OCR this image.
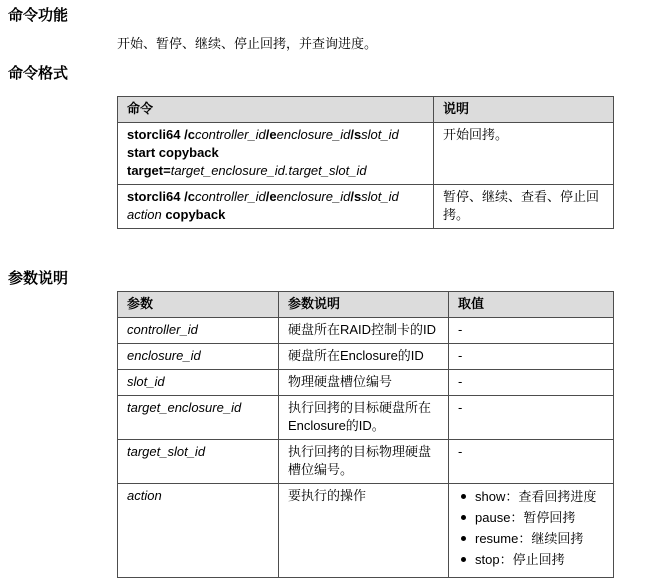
命令功能
开始、暂停、继续、停止回拷，并查询进度。
命令格式
命令	说明
storcli64 /ccontroller_id/eenclosure_id/sslot_id
start copyback
target=target_enclosure_id.target_slot_id	开始回拷。
storcli64 /ccontroller_id/eenclosure_id/sslot_id
action copyback	暂停、继续、查看、停止回拷。
参数说明
参数	参数说明	取值
controller_id	硬盘所在RAID控制卡的ID	-
enclosure_id	硬盘所在Enclosure的ID	-
slot_id	物理硬盘槽位编号	-
target_enclosure_id	执行回拷的目标硬盘所在Enclosure的ID。	-
target_slot_id	执行回拷的目标物理硬盘槽位编号。	-
action	要执行的操作	show：查看回拷进度
pause：暂停回拷
resume：继续回拷
stop：停止回拷
